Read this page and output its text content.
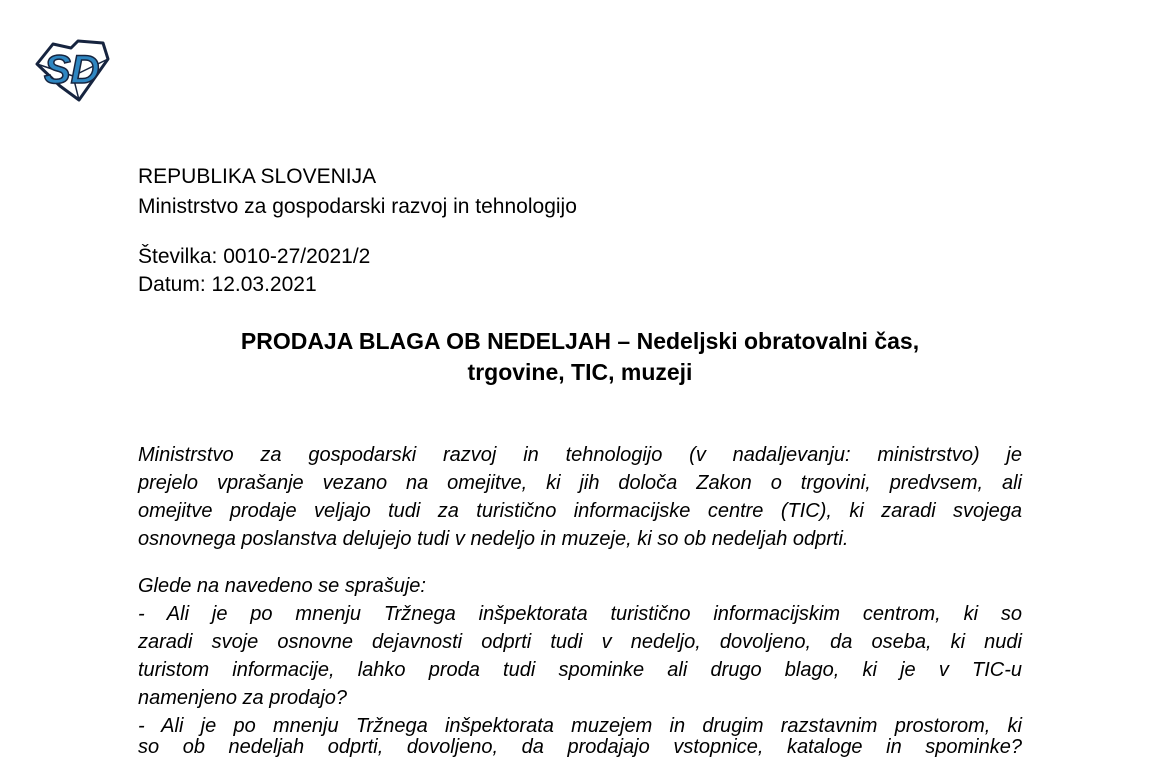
SD
REPUBLIKA SLOVENIJA
Ministrstvo za gospodarski razvoj in tehnologijo
Številka: 0010-27/2021/2
Datum: 12.03.2021
PRODAJA BLAGA OB NEDELJAH – Nedeljski obratovalni čas,
trgovine, TIC, muzeji
Ministrstvo za gospodarski razvoj in tehnologijo (v nadaljevanju: ministrstvo) je
prejelo vprašanje vezano na omejitve, ki jih določa Zakon o trgovini, predvsem, ali
omejitve prodaje veljajo tudi za turistično informacijske centre (TIC), ki zaradi svojega
osnovnega poslanstva delujejo tudi v nedeljo in muzeje, ki so ob nedeljah odprti.
Glede na navedeno se sprašuje:
- Ali je po mnenju Tržnega inšpektorata turistično informacijskim centrom, ki so
zaradi svoje osnovne dejavnosti odprti tudi v nedeljo, dovoljeno, da oseba, ki nudi
turistom informacije, lahko proda tudi spominke ali drugo blago, ki je v TIC-u
namenjeno za prodajo?
- Ali je po mnenju Tržnega inšpektorata muzejem in drugim razstavnim prostorom, ki
so ob nedeljah odprti, dovoljeno, da prodajajo vstopnice, kataloge in spominke?
